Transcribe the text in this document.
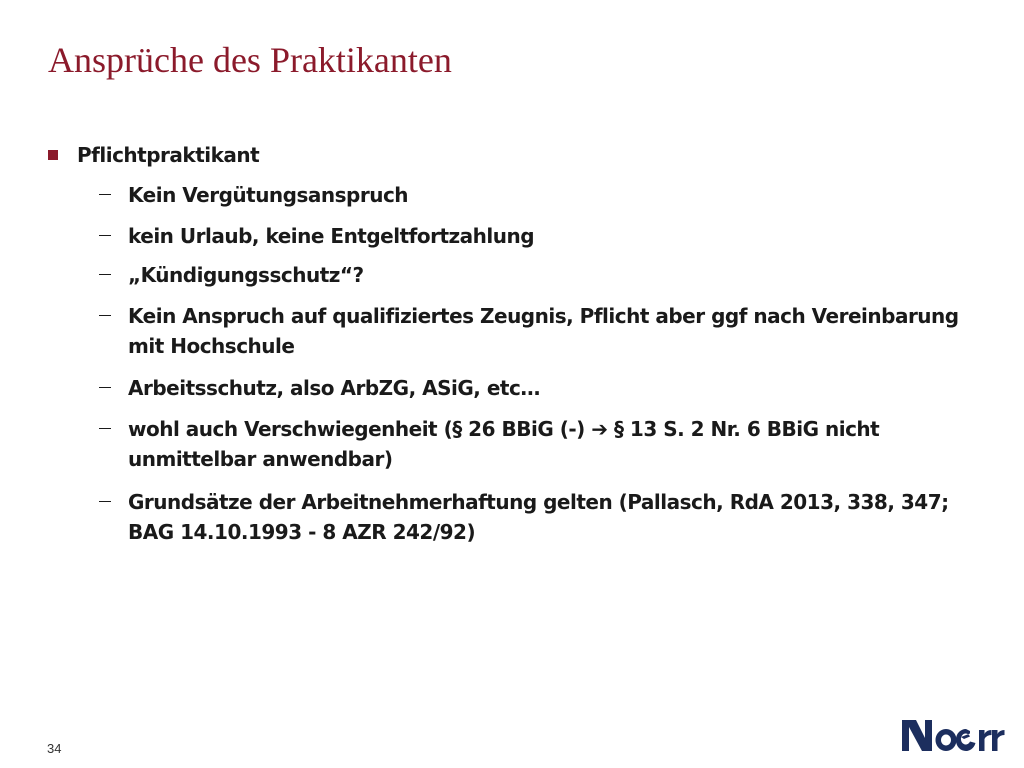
Ansprüche des Praktikanten
Pflichtpraktikant
Kein Vergütungsanspruch
kein Urlaub, keine Entgeltfortzahlung
„Kündigungsschutz“?
Kein Anspruch auf qualifiziertes Zeugnis, Pflicht aber ggf nach Vereinbarung mit Hochschule
Arbeitsschutz, also ArbZG, ASiG, etc…
wohl auch Verschwiegenheit (§ 26 BBiG (-) ➔ § 13 S. 2 Nr. 6 BBiG nicht unmittelbar anwendbar)
Grundsätze der Arbeitnehmerhaftung gelten (Pallasch, RdA 2013, 338, 347; BAG 14.10.1993 - 8 AZR 242/92)
34
